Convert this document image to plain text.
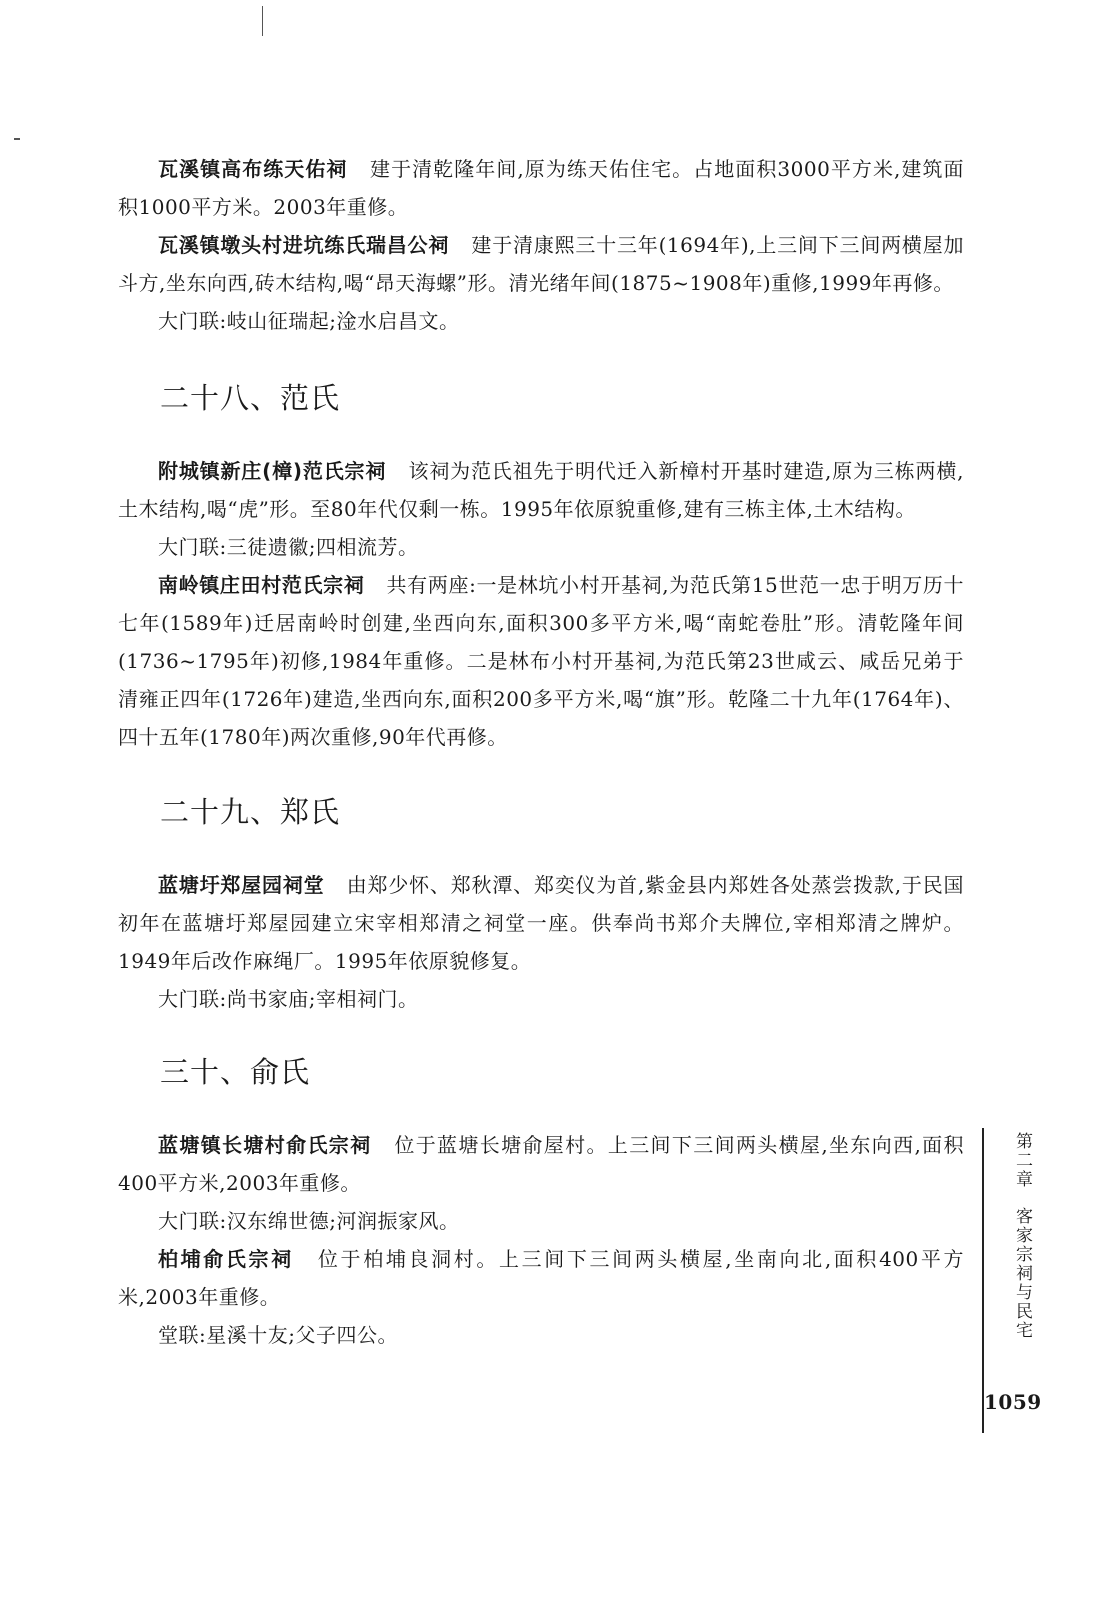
瓦溪镇高布练天佑祠 建于清乾隆年间,原为练天佑住宅。占地面积3000平方米,建筑面积1000平方米。2003年重修。

瓦溪镇墩头村进坑练氏瑞昌公祠 建于清康熙三十三年(1694年),上三间下三间两横屋加斗方,坐东向西,砖木结构,喝“昂天海螺”形。清光绪年间(1875~1908年)重修,1999年再修。

大门联:岐山征瑞起;淦水启昌文。

二十八、范氏

附城镇新庄(樟)范氏宗祠 该祠为范氏祖先于明代迁入新樟村开基时建造,原为三栋两横,土木结构,喝“虎”形。至80年代仅剩一栋。1995年依原貌重修,建有三栋主体,土木结构。

大门联:三徒遗徽;四相流芳。

南岭镇庄田村范氏宗祠 共有两座:一是林坑小村开基祠,为范氏第15世范一忠于明万历十七年(1589年)迁居南岭时创建,坐西向东,面积300多平方米,喝“南蛇卷肚”形。清乾隆年间(1736~1795年)初修,1984年重修。二是林布小村开基祠,为范氏第23世咸云、咸岳兄弟于清雍正四年(1726年)建造,坐西向东,面积200多平方米,喝“旗”形。乾隆二十九年(1764年)、四十五年(1780年)两次重修,90年代再修。

二十九、郑氏

蓝塘圩郑屋园祠堂 由郑少怀、郑秋潭、郑奕仪为首,紫金县内郑姓各处蒸尝拨款,于民国初年在蓝塘圩郑屋园建立宋宰相郑清之祠堂一座。供奉尚书郑介夫牌位,宰相郑清之牌炉。1949年后改作麻绳厂。1995年依原貌修复。

大门联:尚书家庙;宰相祠门。

三十、俞氏

蓝塘镇长塘村俞氏宗祠 位于蓝塘长塘俞屋村。上三间下三间两头横屋,坐东向西,面积400平方米,2003年重修。

大门联:汉东绵世德;河润振家风。

柏埔俞氏宗祠 位于柏埔良洞村。上三间下三间两头横屋,坐南向北,面积400平方米,2003年重修。

堂联:星溪十友;父子四公。

第二章客家宗祠与民宅
1059
